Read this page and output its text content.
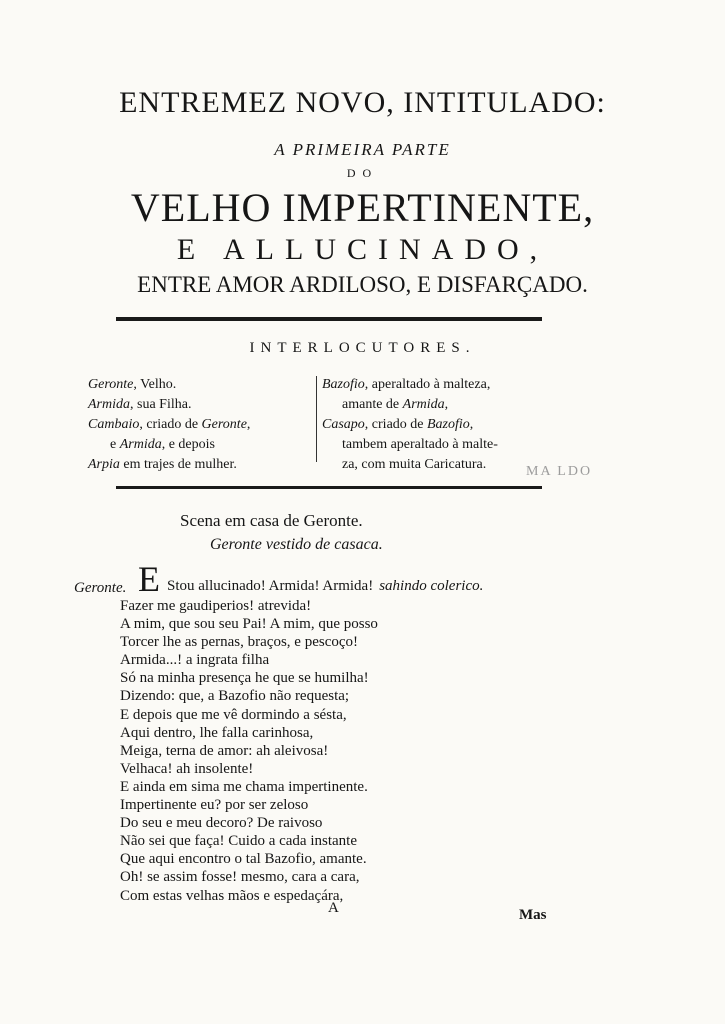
ENTREMEZ NOVO, INTITULADO:
A PRIMEIRA PARTE
DO
VELHO IMPERTINENTE,
E ALLUCINADO,
ENTRE AMOR ARDILOSO, E DISFARÇADO.
INTERLOCUTORES.
Geronte, Velho.
Armida, sua Filha.
Cambaio, criado de Geronte,
e Armida, e depois
Arpia em trajes de mulher.
Bazofio, aperaltado à malteza,
amante de Armida,
Casapo, criado de Bazofio,
tambem aperaltado à maltе-
za, com muita Caricatura.	MA LDO
Scena em casa de Geronte.
Geronte vestido de casaca.
Geronte. E Stou allucinado! Armida! Armida! sahindo colerico.
Fazer me gaudiperios! atrevida!
A mim, que sou seu Pai! A mim, que posso
Torcer lhe as pernas, braços, e pescoço!
Armida...! a ingrata filha
Só na minha presença he que se humilha!
Dizendo: que, a Bazofio não requesta;
E depois que me vê dormindo a sésta,
Aqui dentro, lhe falla carinhosa,
Meiga, terna de amor: ah aleivosa!
Velhaca! ah insolente!
E ainda em sima me chama impertinente.
Impertinente eu? por ser zeloso
Do seu e meu decoro? De raivoso
Não sei que faça! Cuido a cada instante
Que aqui encontro o tal Bazofio, amante.
Oh! se assim fosse! mesmo, cara a cara,
Com estas velhas mãos e espedaçára,
A	Mas
